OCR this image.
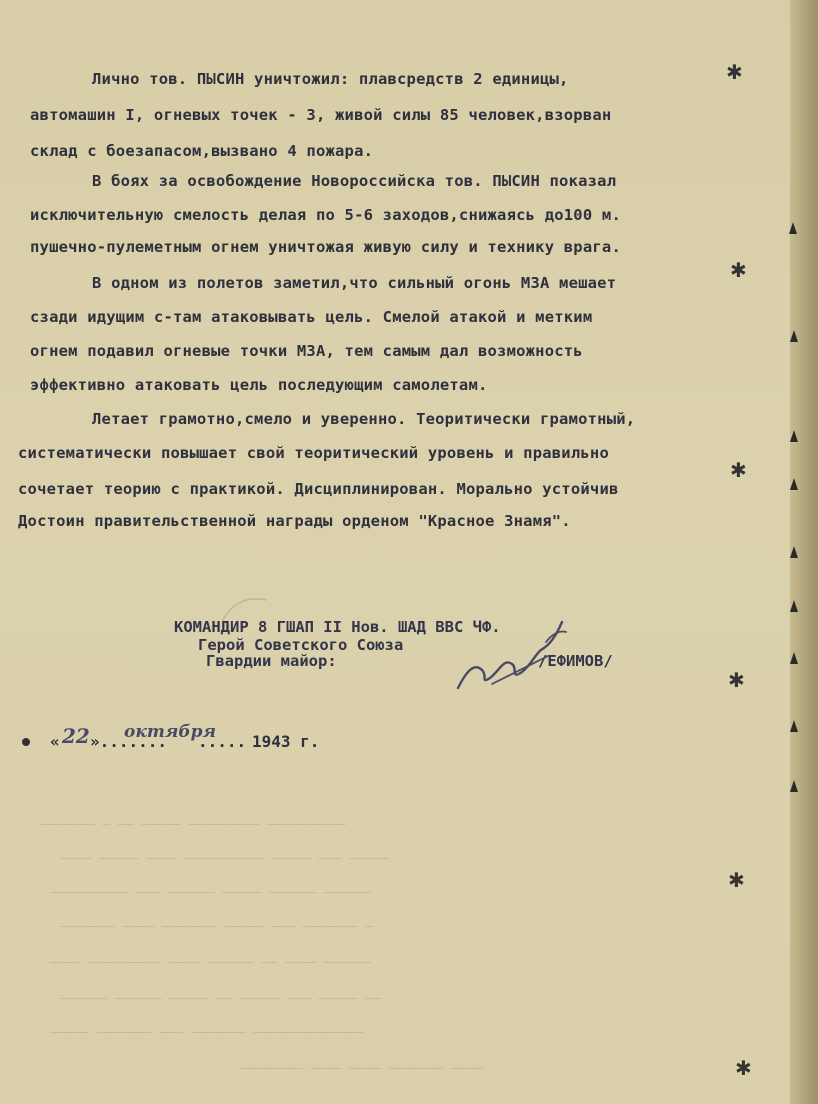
✱
✱
✱
✱
✱
✱
─────── ─ ── ───── ───────── ──────────
──── ───── ──── ────────── ───── ─── ─────
────────── ─── ────── ───── ────── ──────
─────── ──── ─────── ───── ─── ─────── ─
──── ───────── ──── ────── ── ──── ──────
────── ────── ───── ── ───── ─── ───── ──
───── ─────── ─── ─────── ──────────────
──────── ──── ──── ─────── ────
Лично тов. ПЫСИН уничтожил: плавсредств 2 единицы,
автомашин I, огневых точек - 3, живой силы 85 человек,взорван
склад с боезапасом,вызвано 4 пожара.
В боях за освобождение Новороссийска тов. ПЫСИН показал
исключительную смелость делая по 5-6 заходов,снижаясь до100 м.
пушечно-пулеметным огнем уничтожая живую силу и технику врага.
В одном из полетов заметил,что сильный огонь МЗА мешает
сзади идущим с-там атаковывать цель. Смелой атакой и метким
огнем подавил огневые точки МЗА, тем самым дал возможность
эффективно атаковать цель последующим самолетам.
Летает грамотно,смело и уверенно. Теоритически грамотный,
систематически повышает свой теоритический уровень и правильно
сочетает теорию с практикой. Дисциплинирован. Морально устойчив
Достоин правительственной награды орденом "Красное Знамя".
КОМАНДИР 8 ГШАП II Нов. ШАД ВВС ЧФ.
Герой Советского Союза
Гвардии майор:	/ЕФИМОВ/
« 22 ».......
октября
..... 1943 г.
